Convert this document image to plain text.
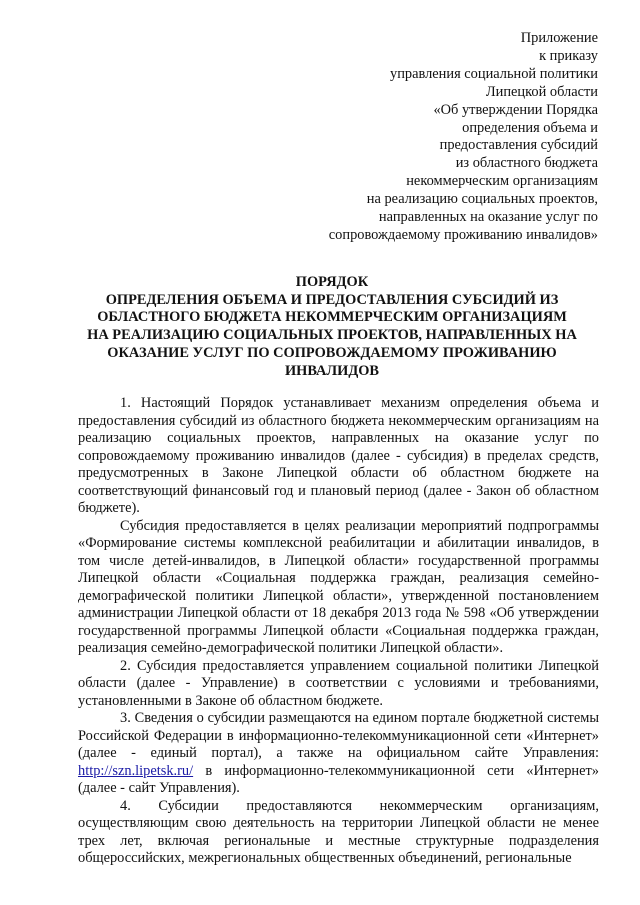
Приложение
к приказу
управления социальной политики
Липецкой области
«Об утверждении Порядка
определения объема и
предоставления субсидий
из областного бюджета
некоммерческим организациям
на реализацию социальных проектов,
направленных на оказание услуг по
сопровождаемому проживанию инвалидов»
ПОРЯДОК
ОПРЕДЕЛЕНИЯ ОБЪЕМА И ПРЕДОСТАВЛЕНИЯ СУБСИДИЙ ИЗ
ОБЛАСТНОГО БЮДЖЕТА НЕКОММЕРЧЕСКИМ ОРГАНИЗАЦИЯМ
НА РЕАЛИЗАЦИЮ СОЦИАЛЬНЫХ ПРОЕКТОВ, НАПРАВЛЕННЫХ НА
ОКАЗАНИЕ УСЛУГ ПО СОПРОВОЖДАЕМОМУ ПРОЖИВАНИЮ
ИНВАЛИДОВ

1. Настоящий Порядок устанавливает механизм определения объема и предоставления субсидий из областного бюджета некоммерческим организациям на реализацию социальных проектов, направленных на оказание услуг по сопровождаемому проживанию инвалидов (далее - субсидия) в пределах средств, предусмотренных в Законе Липецкой области об областном бюджете на соответствующий финансовый год и плановый период (далее - Закон об областном бюджете).

Субсидия предоставляется в целях реализации мероприятий подпрограммы «Формирование системы комплексной реабилитации и абилитации инвалидов, в том числе детей-инвалидов, в Липецкой области» государственной программы Липецкой области «Социальная поддержка граждан, реализация семейно-демографической политики Липецкой области», утвержденной постановлением администрации Липецкой области от 18 декабря 2013 года № 598 «Об утверждении государственной программы Липецкой области «Социальная поддержка граждан, реализация семейно-демографической политики Липецкой области».

2. Субсидия предоставляется управлением социальной политики Липецкой области (далее - Управление) в соответствии с условиями и требованиями, установленными в Законе об областном бюджете.

3. Сведения о субсидии размещаются на едином портале бюджетной системы Российской Федерации в информационно-телекоммуникационной сети «Интернет» (далее - единый портал), а также на официальном сайте Управления: http://szn.lipetsk.ru/ в информационно-телекоммуникационной сети «Интернет» (далее - сайт Управления).

4. Субсидии предоставляются некоммерческим организациям, осуществляющим свою деятельность на территории Липецкой области не менее трех лет, включая региональные и местные структурные подразделения общероссийских, межрегиональных общественных объединений, региональные
